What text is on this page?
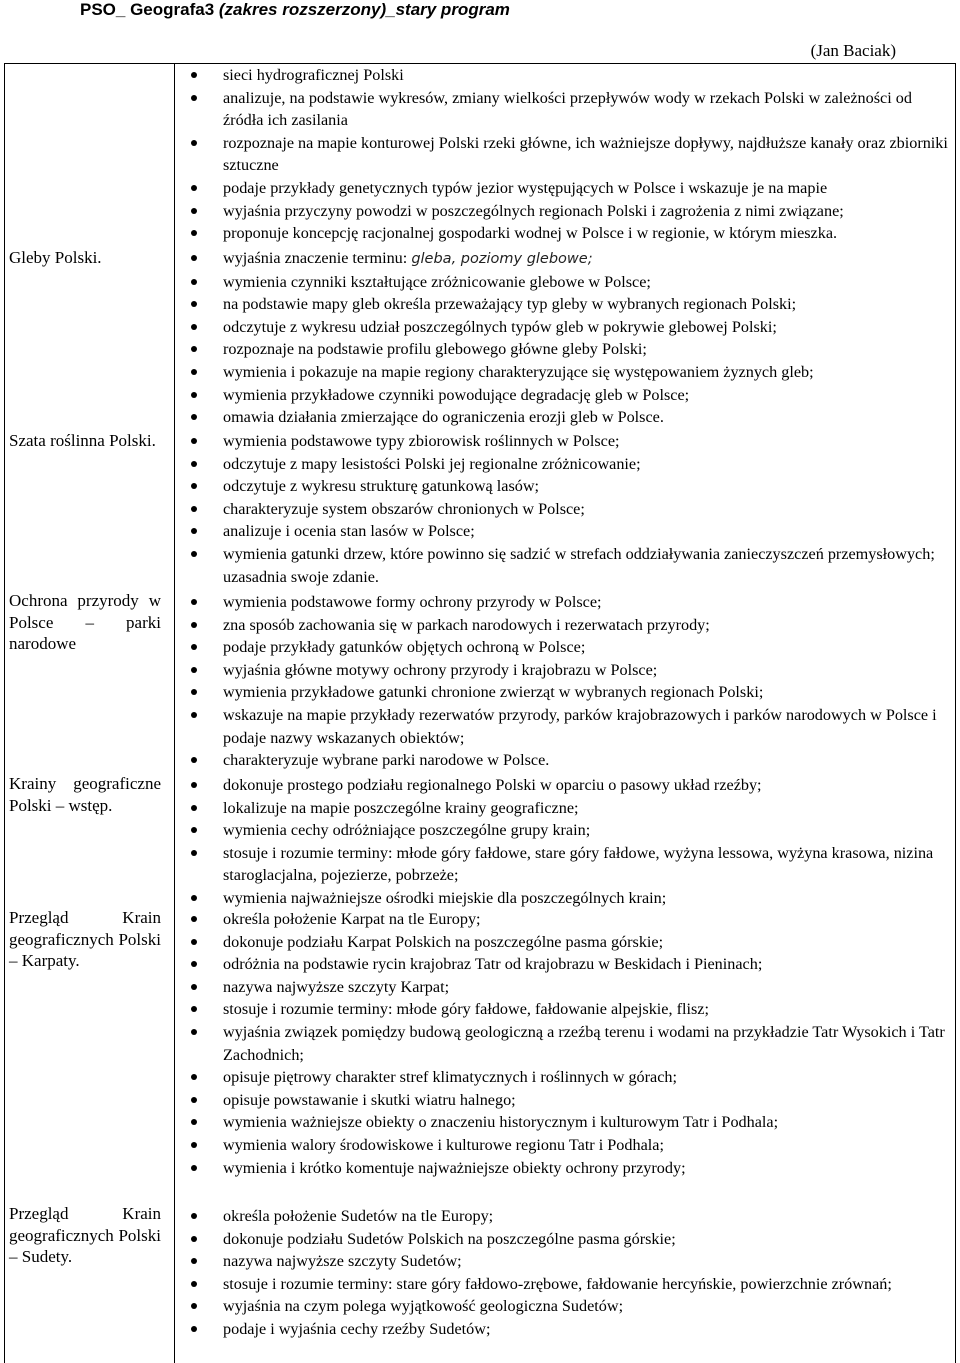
PSO_ Geografa3 (zakres rozszerzony)_stary program
(Jan Baciak)
sieci hydrograficznej Polski
analizuje, na podstawie wykresów, zmiany wielkości przepływów wody w rzekach Polski w zależności od źródła ich zasilania
rozpoznaje na mapie konturowej Polski rzeki główne, ich ważniejsze dopływy, najdłuższe kanały oraz zbiorniki sztuczne
podaje przykłady genetycznych typów jezior występujących w Polsce i wskazuje je na mapie
wyjaśnia przyczyny powodzi w poszczególnych regionach Polski i zagrożenia z nimi związane;
proponuje koncepcję racjonalnej gospodarki wodnej w Polsce i w regionie, w którym mieszka.
Gleby Polski.	wyjaśnia znaczenie terminu: gleba, poziomy glebowe;
wymienia czynniki kształtujące zróżnicowanie glebowe w Polsce;
na podstawie mapy gleb określa przeważający typ gleby w wybranych regionach Polski;
odczytuje z wykresu udział poszczególnych typów gleb w pokrywie glebowej Polski;
rozpoznaje na podstawie profilu glebowego główne gleby Polski;
wymienia i pokazuje na mapie regiony charakteryzujące się występowaniem żyznych gleb;
wymienia przykładowe czynniki powodujące degradację gleb w Polsce;
omawia działania zmierzające do ograniczenia erozji gleb w Polsce.
Szata roślinna Polski.	wymienia podstawowe typy zbiorowisk roślinnych w Polsce;
odczytuje z mapy lesistości Polski jej regionalne zróżnicowanie;
odczytuje z wykresu strukturę gatunkową lasów;
charakteryzuje system obszarów chronionych w Polsce;
analizuje i ocenia stan lasów w Polsce;
wymienia gatunki drzew, które powinno się sadzić w strefach oddziaływania zanieczyszczeń przemysłowych; uzasadnia swoje zdanie.
Ochrona przyrody w Polsce – parki narodowe
wymienia podstawowe formy ochrony przyrody w Polsce;
zna sposób zachowania się w parkach narodowych i rezerwatach przyrody;
podaje przykłady gatunków objętych ochroną w Polsce;
wyjaśnia główne motywy ochrony przyrody i krajobrazu w Polsce;
wymienia przykładowe gatunki chronione zwierząt w wybranych regionach Polski;
wskazuje na mapie przykłady rezerwatów przyrody, parków krajobrazowych i parków narodowych w Polsce i podaje nazwy wskazanych obiektów;
charakteryzuje wybrane parki narodowe w Polsce.
Krainy geograficzne Polski – wstęp.
dokonuje prostego podziału regionalnego Polski w oparciu o pasowy układ rzeźby;
lokalizuje na mapie poszczególne krainy geograficzne;
wymienia cechy odróżniające poszczególne grupy krain;
stosuje i rozumie terminy: młode góry fałdowe, stare góry fałdowe, wyżyna lessowa, wyżyna krasowa, nizina staroglacjalna, pojezierze, pobrzeże;
wymienia najważniejsze ośrodki miejskie dla poszczególnych krain;
Przegląd Krain geograficznych Polski – Karpaty.
określa położenie Karpat na tle Europy;
dokonuje podziału Karpat Polskich na poszczególne pasma górskie;
odróżnia na podstawie rycin krajobraz Tatr od krajobrazu w Beskidach i Pieninach;
nazywa najwyższe szczyty Karpat;
stosuje i rozumie terminy: młode góry fałdowe, fałdowanie alpejskie, flisz;
wyjaśnia związek pomiędzy budową geologiczną a rzeźbą terenu i wodami na przykładzie Tatr Wysokich i Tatr Zachodnich;
opisuje piętrowy charakter stref klimatycznych i roślinnych w górach;
opisuje powstawanie i skutki wiatru halnego;
wymienia ważniejsze obiekty o znaczeniu historycznym i kulturowym Tatr i Podhala;
wymienia walory środowiskowe i kulturowe regionu Tatr i Podhala;
wymienia i krótko komentuje najważniejsze obiekty ochrony przyrody;
Przegląd Krain geograficznych Polski – Sudety.
określa położenie Sudetów na tle Europy;
dokonuje podziału Sudetów Polskich na poszczególne pasma górskie;
nazywa najwyższe szczyty Sudetów;
stosuje i rozumie terminy: stare góry fałdowo-zrębowe, fałdowanie hercyńskie, powierzchnie zrównań;
wyjaśnia na czym polega wyjątkowość geologiczna Sudetów;
podaje i wyjaśnia cechy rzeźby Sudetów;
